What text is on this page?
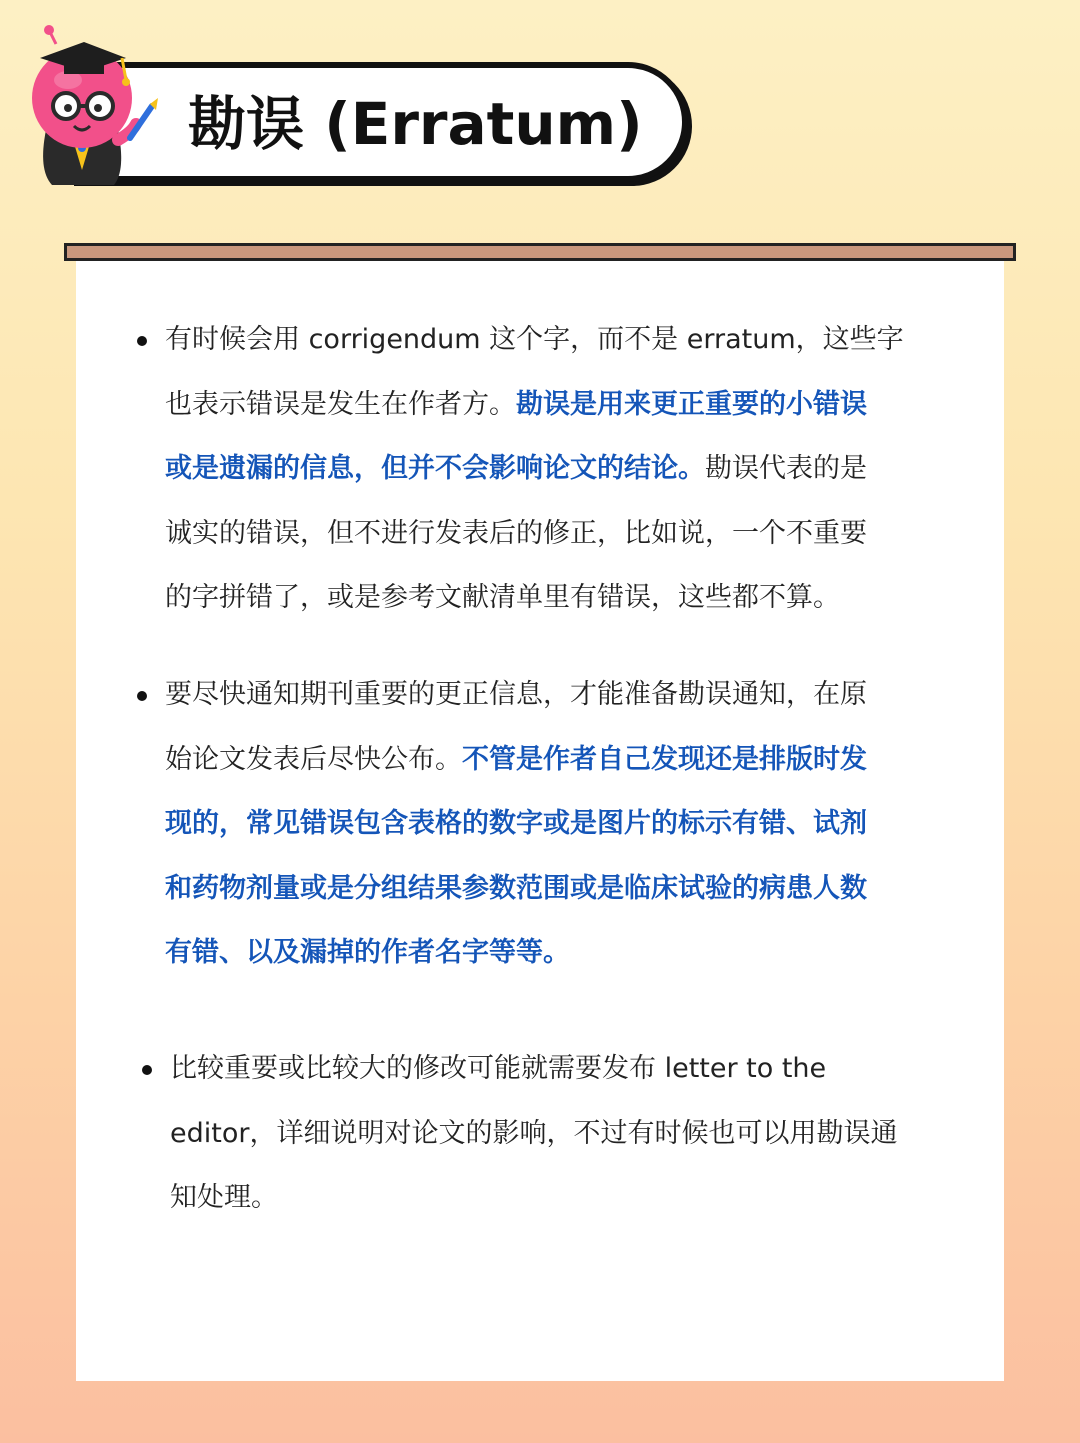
勘误 (Erratum)
有时候会用 corrigendum 这个字，而不是 erratum，这些字
也表示错误是发生在作者方。勘误是用来更正重要的小错误
或是遗漏的信息，但并不会影响论文的结论。勘误代表的是
诚实的错误，但不进行发表后的修正，比如说，一个不重要
的字拼错了，或是参考文献清单里有错误，这些都不算。
要尽快通知期刊重要的更正信息，才能准备勘误通知，在原
始论文发表后尽快公布。不管是作者自己发现还是排版时发
现的，常见错误包含表格的数字或是图片的标示有错、试剂
和药物剂量或是分组结果参数范围或是临床试验的病患人数
有错、以及漏掉的作者名字等等。
比较重要或比较大的修改可能就需要发布 letter to the
editor，详细说明对论文的影响，不过有时候也可以用勘误通
知处理。
